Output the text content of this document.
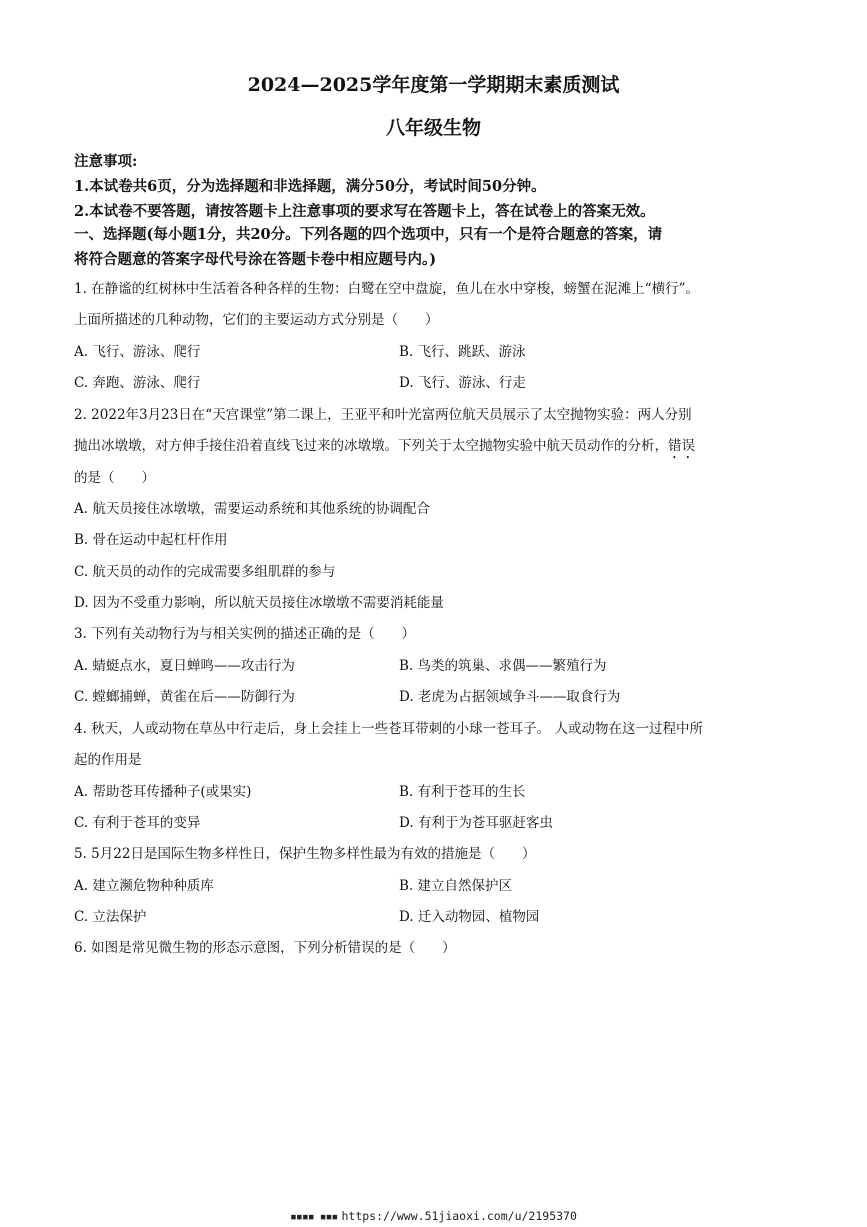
2024—2025学年度第一学期期末素质测试
八年级生物
注意事项:
1.本试卷共6页，分为选择题和非选择题，满分50分，考试时间50分钟。
2.本试卷不要答题，请按答题卡上注意事项的要求写在答题卡上，答在试卷上的答案无效。
一、选择题(每小题1分，共20分。下列各题的四个选项中，只有一个是符合题意的答案，请
将符合题意的答案字母代号涂在答题卡卷中相应题号内。)
1. 在静谧的红树林中生活着各种各样的生物：白鹭在空中盘旋，鱼儿在水中穿梭，螃蟹在泥滩上“横行”。
上面所描述的几种动物，它们的主要运动方式分别是（　　）
A. 飞行、游泳、爬行	B. 飞行、跳跃、游泳
C. 奔跑、游泳、爬行	D. 飞行、游泳、行走
2. 2022年3月23日在“天宫课堂”第二课上，王亚平和叶光富两位航天员展示了太空抛物实验：两人分别
抛出冰墩墩，对方伸手接住沿着直线飞过来的冰墩墩。下列关于太空抛物实验中航天员动作的分析，错误
的是（　　）
A. 航天员接住冰墩墩，需要运动系统和其他系统的协调配合
B. 骨在运动中起杠杆作用
C. 航天员的动作的完成需要多组肌群的参与
D. 因为不受重力影响，所以航天员接住冰墩墩不需要消耗能量
3. 下列有关动物行为与相关实例的描述正确的是（　　）
A. 蜻蜓点水，夏日蝉鸣——攻击行为	B. 鸟类的筑巢、求偶——繁殖行为
C. 螳螂捕蝉，黄雀在后——防御行为	D. 老虎为占据领域争斗——取食行为
4. 秋天，人或动物在草丛中行走后，身上会挂上一些苍耳带刺的小球一苍耳子。 人或动物在这一过程中所
起的作用是
A. 帮助苍耳传播种子(或果实)	B. 有利于苍耳的生长
C. 有利于苍耳的变异	D. 有利于为苍耳驱赶客虫
5. 5月22日是国际生物多样性日，保护生物多样性最为有效的措施是（　　）
A. 建立濒危物种种质库	B. 建立自然保护区
C. 立法保护	D. 迁入动物园、植物园
6. 如图是常见微生物的形态示意图，下列分析错误的是（　　）
▪▪▪▪ ▪▪▪ https://www.51jiaoxi.com/u/2195370
